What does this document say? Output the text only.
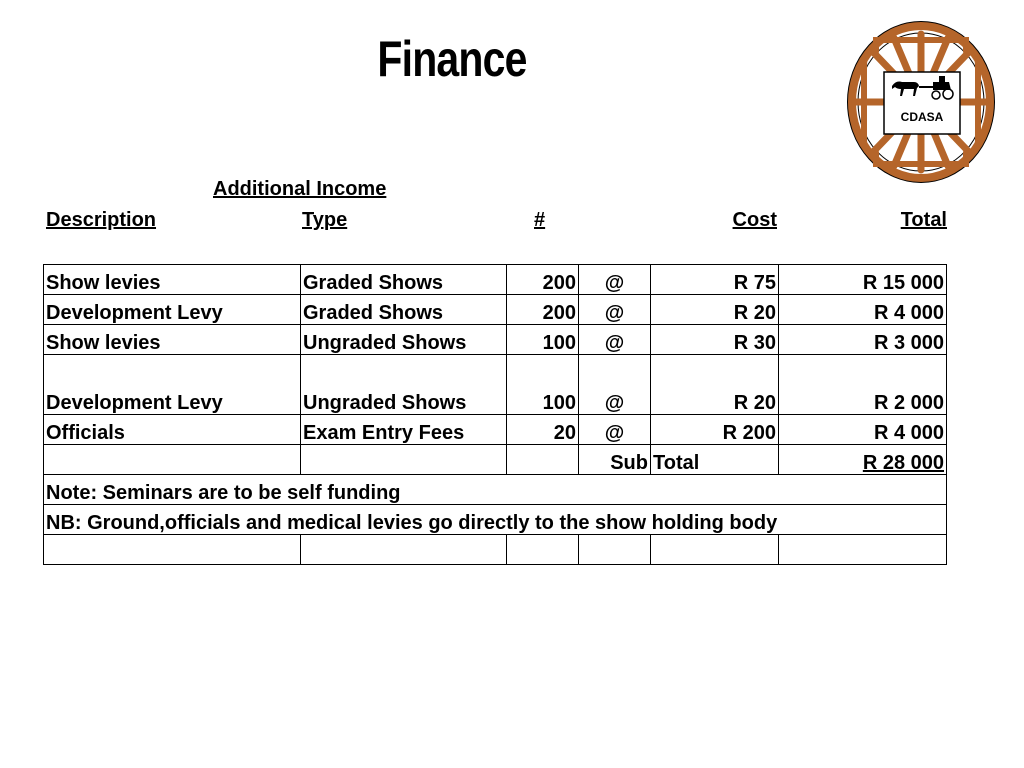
Finance
CDASA
Additional Income
Description	Type	#	Cost	Total
Show levies	Graded Shows	200	@	R 75	R 15 000
Development Levy	Graded Shows	200	@	R 20	R 4 000
Show levies	Ungraded Shows	100	@	R 30	R 3 000
Development Levy	Ungraded Shows	100	@	R 20	R 2 000
Officials	Exam Entry Fees	20	@	R 200	R 4 000
			Sub	Total	R 28 000
Note: Seminars are to be self funding					
NB: Ground,officials and medical levies go directly to the show holding body					
